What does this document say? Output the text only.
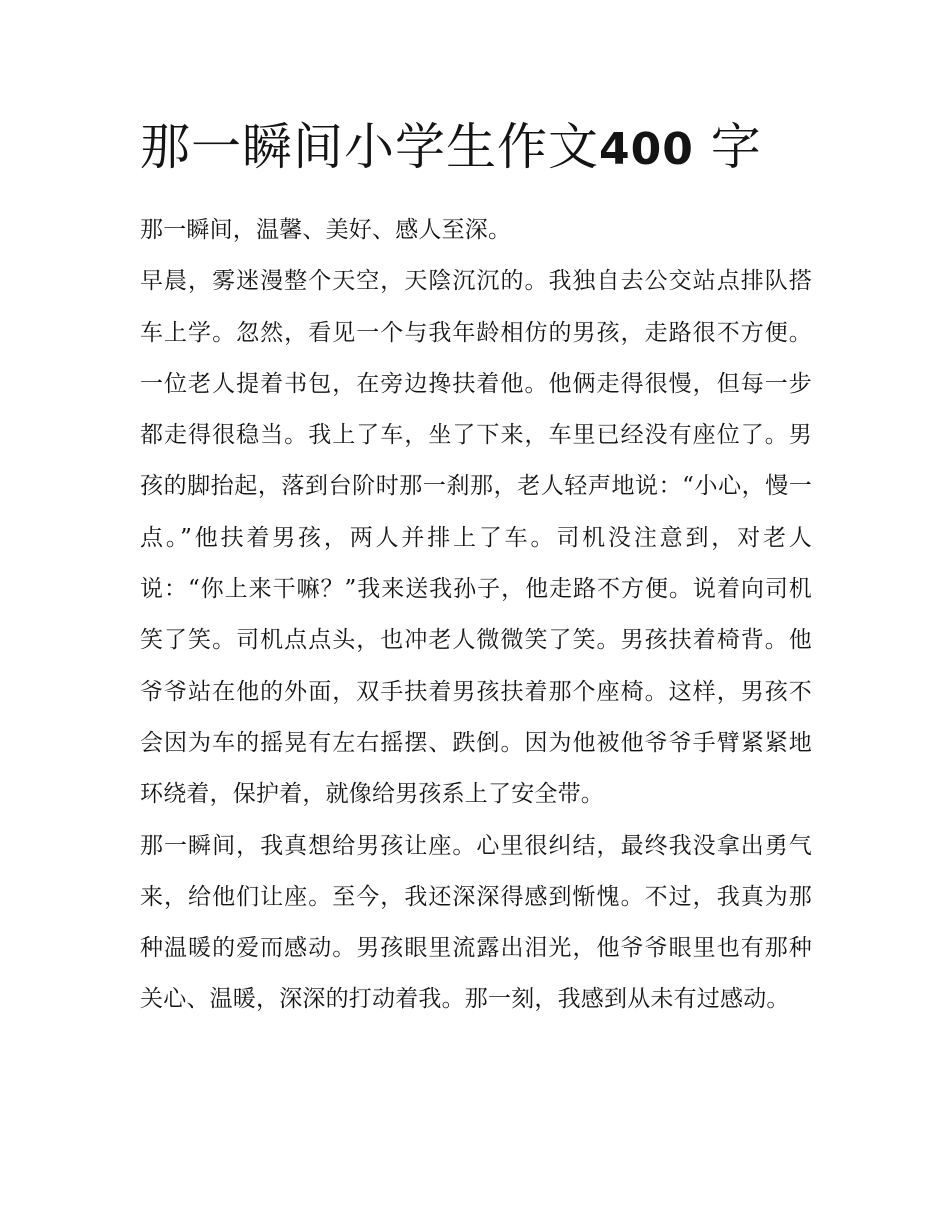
那一瞬间小学生作文400 字

那一瞬间，温馨、美好、感人至深。

早晨，雾迷漫整个天空，天陰沉沉的。我独自去公交站点排队搭车上学。忽然，看见一个与我年龄相仿的男孩，走路很不方便。一位老人提着书包，在旁边搀扶着他。他俩走得很慢，但每一步都走得很稳当。我上了车，坐了下来，车里已经没有座位了。男孩的脚抬起，落到台阶时那一刹那，老人轻声地说：“小心，慢一点。”他扶着男孩，两人并排上了车。司机没注意到，对老人说：“你上来干嘛？”我来送我孙子，他走路不方便。说着向司机笑了笑。司机点点头，也冲老人微微笑了笑。男孩扶着椅背。他爷爷站在他的外面，双手扶着男孩扶着那个座椅。这样，男孩不会因为车的摇晃有左右摇摆、跌倒。因为他被他爷爷手臂紧紧地环绕着，保护着，就像给男孩系上了安全带。

那一瞬间，我真想给男孩让座。心里很纠结，最终我没拿出勇气来，给他们让座。至今，我还深深得感到惭愧。不过，我真为那种温暖的爱而感动。男孩眼里流露出泪光，他爷爷眼里也有那种关心、温暖，深深的打动着我。那一刻，我感到从未有过感动。
